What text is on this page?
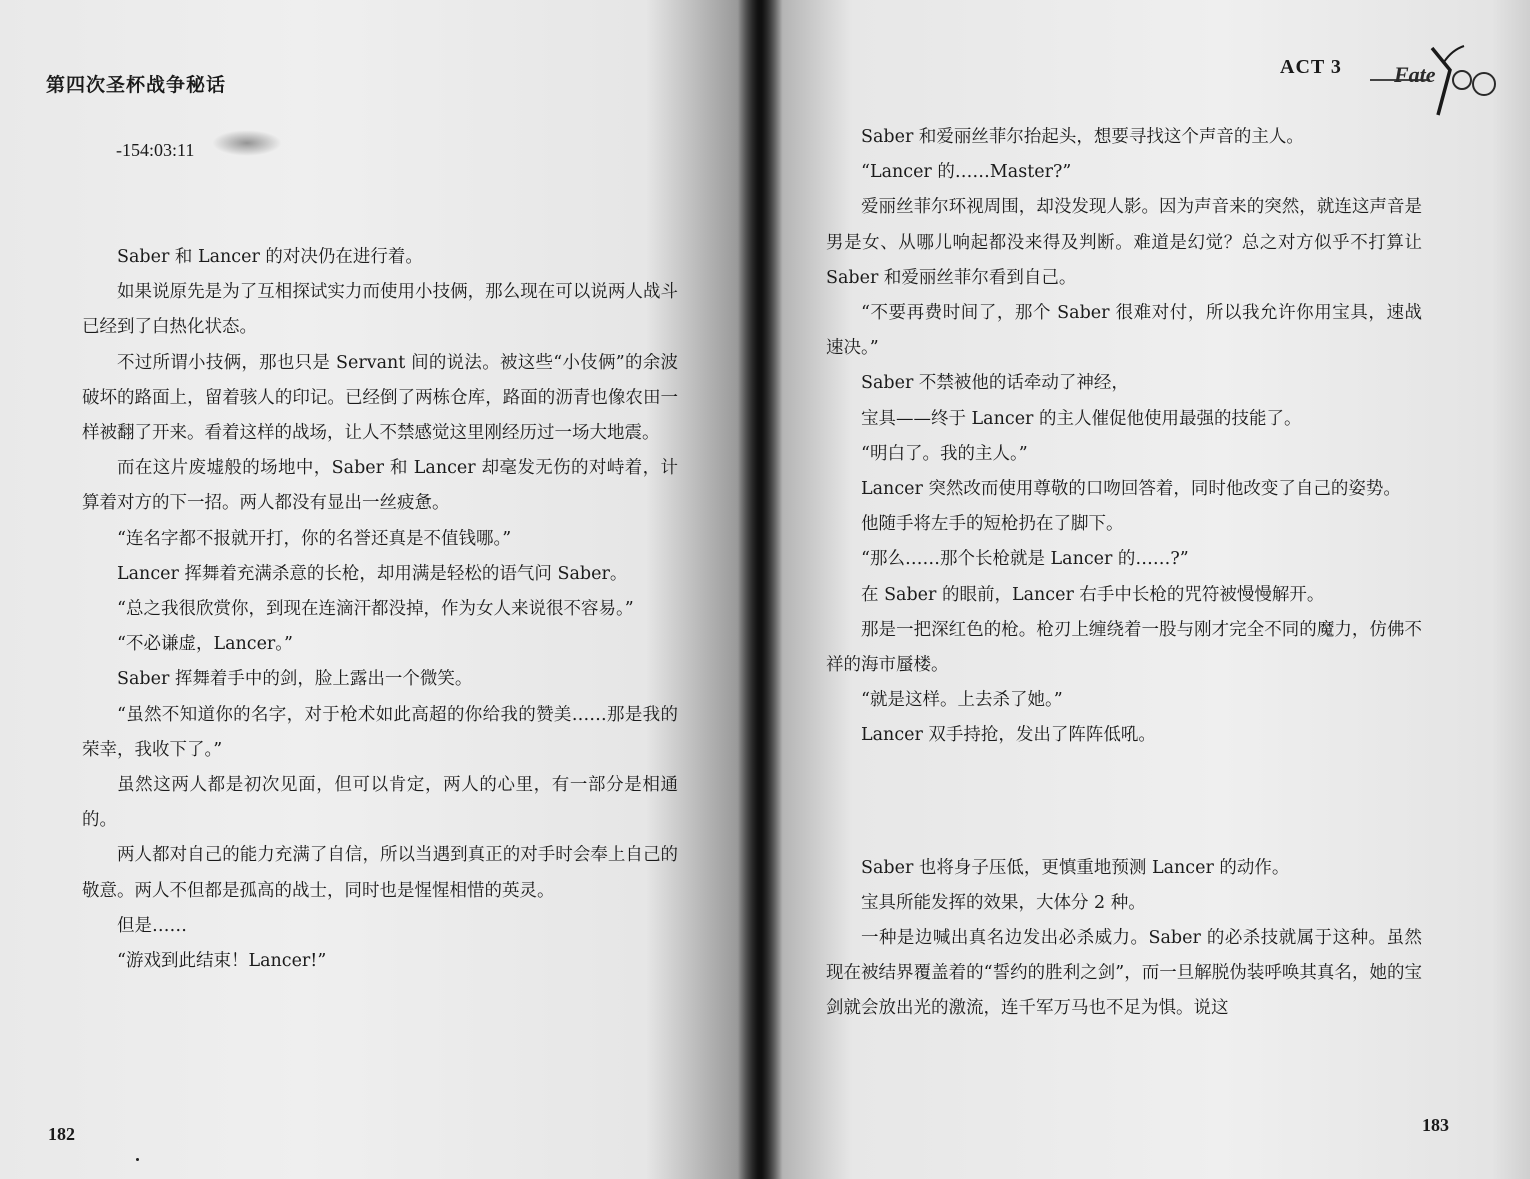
第四次圣杯战争秘话
-154:03:11

Saber 和 Lancer 的对决仍在进行着。

如果说原先是为了互相探试实力而使用小技俩，那么现在可以说两人战斗已经到了白热化状态。

不过所谓小技俩，那也只是 Servant 间的说法。被这些“小伎俩”的余波破坏的路面上，留着骇人的印记。已经倒了两栋仓库，路面的沥青也像农田一样被翻了开来。看着这样的战场，让人不禁感觉这里刚经历过一场大地震。

而在这片废墟般的场地中，Saber 和 Lancer 却毫发无伤的对峙着，计算着对方的下一招。两人都没有显出一丝疲惫。

“连名字都不报就开打，你的名誉还真是不值钱哪。”

Lancer 挥舞着充满杀意的长枪，却用满是轻松的语气问 Saber。

“总之我很欣赏你，到现在连滴汗都没掉，作为女人来说很不容易。”

“不必谦虚，Lancer。”

Saber 挥舞着手中的剑，脸上露出一个微笑。

“虽然不知道你的名字，对于枪术如此高超的你给我的赞美……那是我的荣幸，我收下了。”

虽然这两人都是初次见面，但可以肯定，两人的心里，有一部分是相通的。

两人都对自己的能力充满了自信，所以当遇到真正的对手时会奉上自己的敬意。两人不但都是孤高的战士，同时也是惺惺相惜的英灵。

但是……

“游戏到此结束！Lancer!”

182
ACT 3 Fate
Fate/Zero

Saber 和爱丽丝菲尔抬起头，想要寻找这个声音的主人。

“Lancer 的……Master?”

爱丽丝菲尔环视周围，却没发现人影。因为声音来的突然，就连这声音是男是女、从哪儿响起都没来得及判断。难道是幻觉？总之对方似乎不打算让 Saber 和爱丽丝菲尔看到自己。

“不要再费时间了，那个 Saber 很难对付，所以我允许你用宝具，速战速决。”

Saber 不禁被他的话牵动了神经，

宝具——终于 Lancer 的主人催促他使用最强的技能了。

“明白了。我的主人。”

Lancer 突然改而使用尊敬的口吻回答着，同时他改变了自己的姿势。

他随手将左手的短枪扔在了脚下。

“那么……那个长枪就是 Lancer 的……?”

在 Saber 的眼前，Lancer 右手中长枪的咒符被慢慢解开。

那是一把深红色的枪。枪刃上缠绕着一股与刚才完全不同的魔力，仿佛不祥的海市蜃楼。

“就是这样。上去杀了她。”

Lancer 双手持抢，发出了阵阵低吼。

Saber 也将身子压低，更慎重地预测 Lancer 的动作。

宝具所能发挥的效果，大体分 2 种。

一种是边喊出真名边发出必杀威力。Saber 的必杀技就属于这种。虽然现在被结界覆盖着的“誓约的胜利之剑”，而一旦解脱伪装呼唤其真名，她的宝剑就会放出光的激流，连千军万马也不足为惧。说这

183
